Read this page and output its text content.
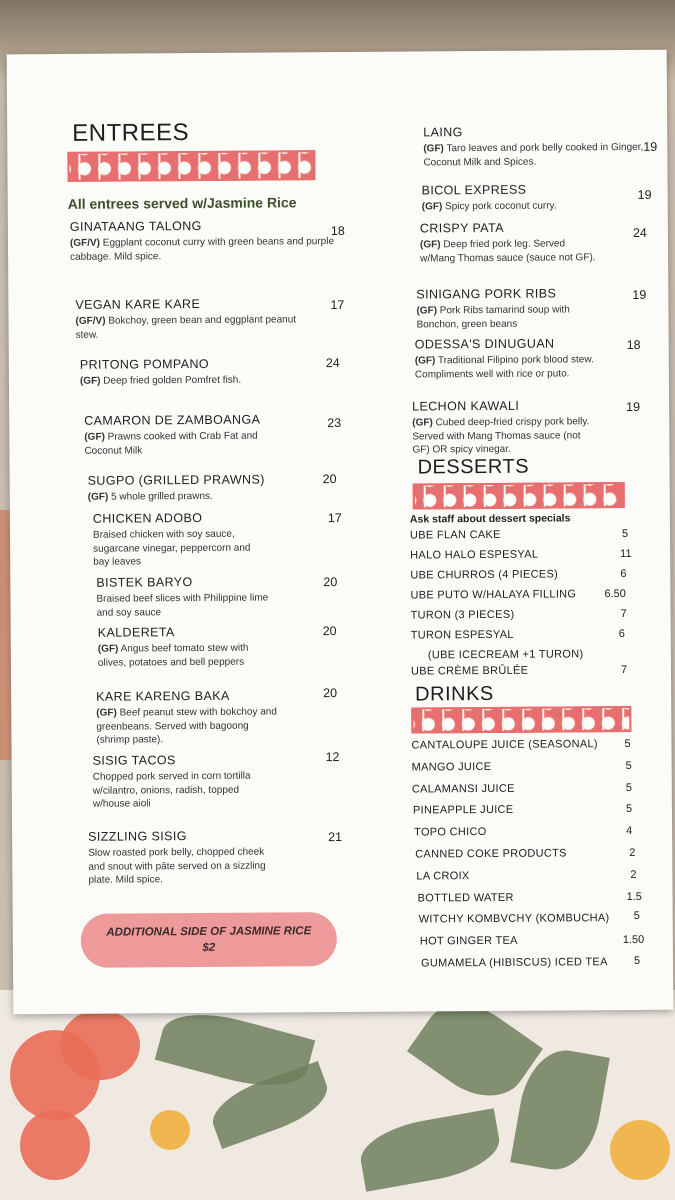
ENTREES
All entrees served w/Jasmine Rice
GINATAANG TALONG
(GF/V) Eggplant coconut curry with green beans and purple cabbage. Mild spice.
18
VEGAN KARE KARE
(GF/V) Bokchoy, green bean and eggplant peanut stew.
17
PRITONG POMPANO
(GF) Deep fried golden Pomfret fish.
24
CAMARON DE ZAMBOANGA
(GF) Prawns cooked with Crab Fat and Coconut Milk
23
SUGPO (GRILLED PRAWNS)
(GF) 5 whole grilled prawns.
20
CHICKEN ADOBO
Braised chicken with soy sauce, sugarcane vinegar, peppercorn and bay leaves
17
BISTEK BARYO
Braised beef slices with Philippine lime and soy sauce
20
KALDERETA
(GF) Angus beef tomato stew with olives, potatoes and bell peppers
20
KARE KARENG BAKA
(GF) Beef peanut stew with bokchoy and greenbeans. Served with bagoong (shrimp paste).
20
SISIG TACOS
Chopped pork served in corn tortilla w/cilantro, onions, radish, topped w/house aioli
12
SIZZLING SISIG
Slow roasted pork belly, chopped cheek and snout with pâte served on a sizzling plate. Mild spice.
21
ADDITIONAL SIDE OF JASMINE RICE $2
LAING
(GF) Taro leaves and pork belly cooked in Ginger, Coconut Milk and Spices.
19
BICOL EXPRESS
(GF) Spicy pork coconut curry.
19
CRISPY PATA
(GF) Deep fried pork leg. Served w/Mang Thomas sauce (sauce not GF).
24
SINIGANG PORK RIBS
(GF) Pork Ribs tamarind soup with Bonchon, green beans
19
ODESSA'S DINUGUAN
(GF) Traditional Filipino pork blood stew. Compliments well with rice or puto.
18
LECHON KAWALI
(GF) Cubed deep-fried crispy pork belly. Served with Mang Thomas sauce (not GF) OR spicy vinegar.
19
DESSERTS
Ask staff about dessert specials
UBE FLAN CAKE	5
HALO HALO ESPESYAL	11
UBE CHURROS (4 PIECES)	6
UBE PUTO W/HALAYA FILLING	6.50
TURON (3 PIECES)	7
TURON ESPESYAL	6
(UBE ICECREAM +1 TURON)
UBE CRÈME BRÛLÉE	7
DRINKS
CANTALOUPE JUICE (SEASONAL)	5
MANGO JUICE	5
CALAMANSI JUICE	5
PINEAPPLE JUICE	5
TOPO CHICO	4
CANNED COKE PRODUCTS	2
LA CROIX	2
BOTTLED WATER	1.5
WITCHY KOMBVCHY (KOMBUCHA)	5
HOT GINGER TEA	1.50
GUMAMELA (HIBISCUS) ICED TEA	5
